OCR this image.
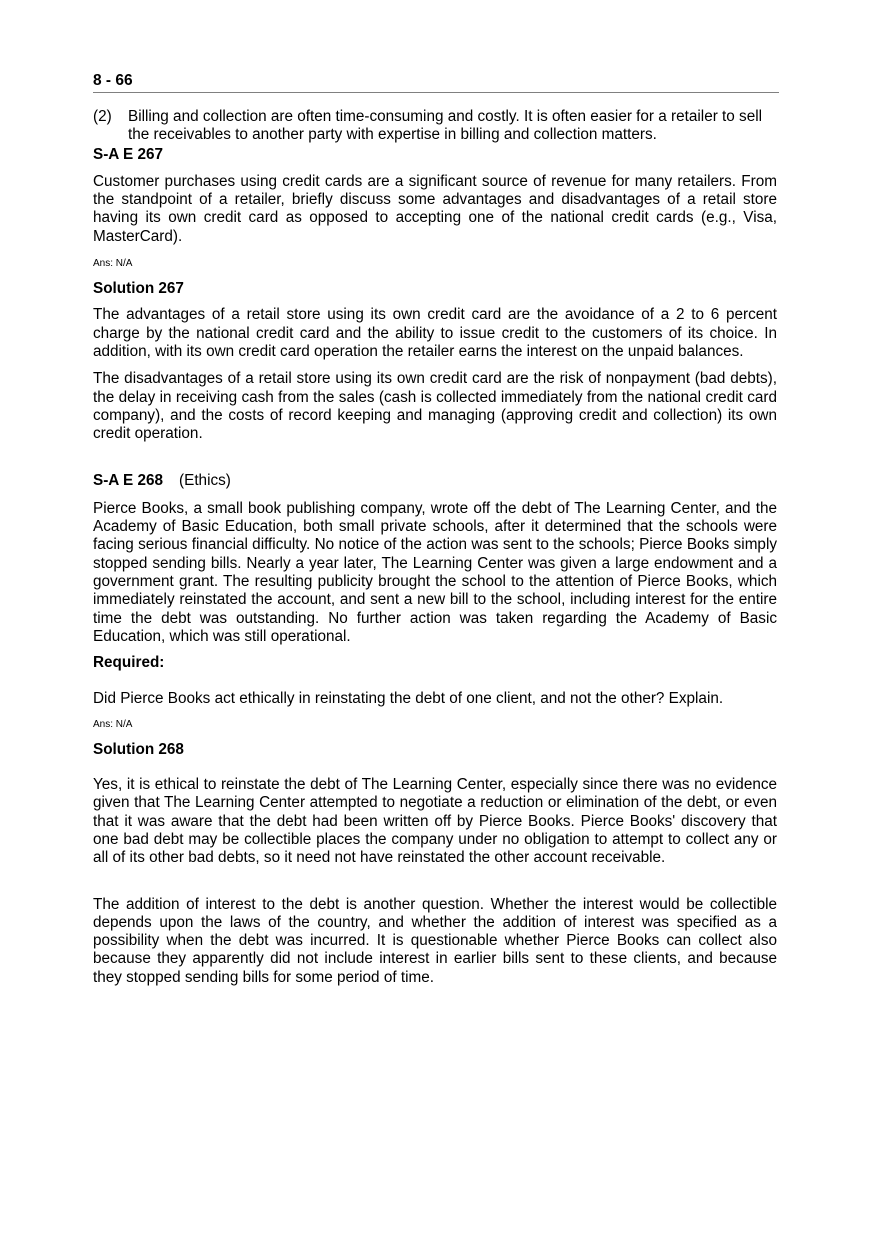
8 - 66
(2)	Billing and collection are often time-consuming and costly. It is often easier for a retailer to sell the receivables to another party with expertise in billing and collection matters.

S-A E 267

Customer purchases using credit cards are a significant source of revenue for many retailers. From the standpoint of a retailer, briefly discuss some advantages and disadvantages of a retail store having its own credit card as opposed to accepting one of the national credit cards (e.g., Visa, MasterCard).

Ans: N/A

Solution 267

The advantages of a retail store using its own credit card are the avoidance of a 2 to 6 percent charge by the national credit card and the ability to issue credit to the customers of its choice. In addition, with its own credit card operation the retailer earns the interest on the unpaid balances.

The disadvantages of a retail store using its own credit card are the risk of nonpayment (bad debts), the delay in receiving cash from the sales (cash is collected immediately from the national credit card company), and the costs of record keeping and managing (approving credit and collection) its own credit operation.

S-A E 268 (Ethics)

Pierce Books, a small book publishing company, wrote off the debt of The Learning Center, and the Academy of Basic Education, both small private schools, after it determined that the schools were facing serious financial difficulty. No notice of the action was sent to the schools; Pierce Books simply stopped sending bills. Nearly a year later, The Learning Center was given a large endowment and a government grant. The resulting publicity brought the school to the attention of Pierce Books, which immediately reinstated the account, and sent a new bill to the school, including interest for the entire time the debt was outstanding. No further action was taken regarding the Academy of Basic Education, which was still operational.

Required:

Did Pierce Books act ethically in reinstating the debt of one client, and not the other? Explain.

Ans: N/A

Solution 268

Yes, it is ethical to reinstate the debt of The Learning Center, especially since there was no evidence given that The Learning Center attempted to negotiate a reduction or elimination of the debt, or even that it was aware that the debt had been written off by Pierce Books. Pierce Books' discovery that one bad debt may be collectible places the company under no obligation to attempt to collect any or all of its other bad debts, so it need not have reinstated the other account receivable.

The addition of interest to the debt is another question. Whether the interest would be collectible depends upon the laws of the country, and whether the addition of interest was specified as a possibility when the debt was incurred. It is questionable whether Pierce Books can collect also because they apparently did not include interest in earlier bills sent to these clients, and because they stopped sending bills for some period of time.
